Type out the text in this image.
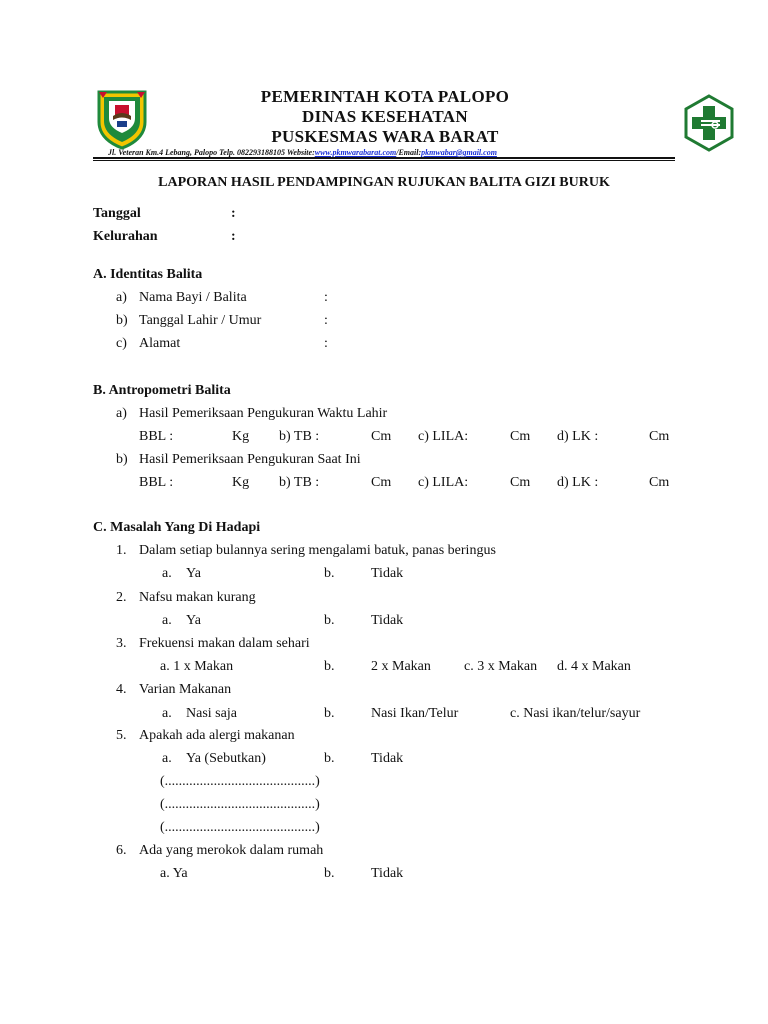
PEMERINTAH KOTA PALOPO
DINAS KESEHATAN
PUSKESMAS WARA BARAT
Jl. Veteran Km.4 Lebang, Palopo Telp. 082293188105 Website:www.pkmwarabarat.com/Email:pkmwabar@gmail.com
LAPORAN HASIL PENDAMPINGAN RUJUKAN BALITA GIZI BURUK
Tanggal	:
Kelurahan	:
A. Identitas Balita
a) Nama Bayi / Balita	:
b) Tanggal Lahir / Umur	:
c) Alamat	:
B. Antropometri Balita
a) Hasil Pemeriksaan Pengukuran Waktu Lahir
BBL :	Kg b) TB :	Cm c) LILA:	Cm d) LK :	Cm
b) Hasil Pemeriksaan Pengukuran Saat Ini
BBL :	Kg b) TB :	Cm c) LILA:	Cm d) LK :	Cm
C. Masalah Yang Di Hadapi
1. Dalam setiap bulannya sering mengalami batuk, panas beringus
a. Ya	b.	Tidak
2. Nafsu makan kurang
a. Ya	b.	Tidak
3. Frekuensi makan dalam sehari
a. 1 x Makan	b.	2 x Makan c. 3 x Makan d. 4 x Makan
4. Varian Makanan
a. Nasi saja	b.	Nasi Ikan/Telur	c. Nasi ikan/telur/sayur
5. Apakah ada alergi makanan
a. Ya (Sebutkan)	b.	Tidak
(...........................................)
(...........................................)
(...........................................)
6. Ada yang merokok dalam rumah
a. Ya	b.	Tidak
